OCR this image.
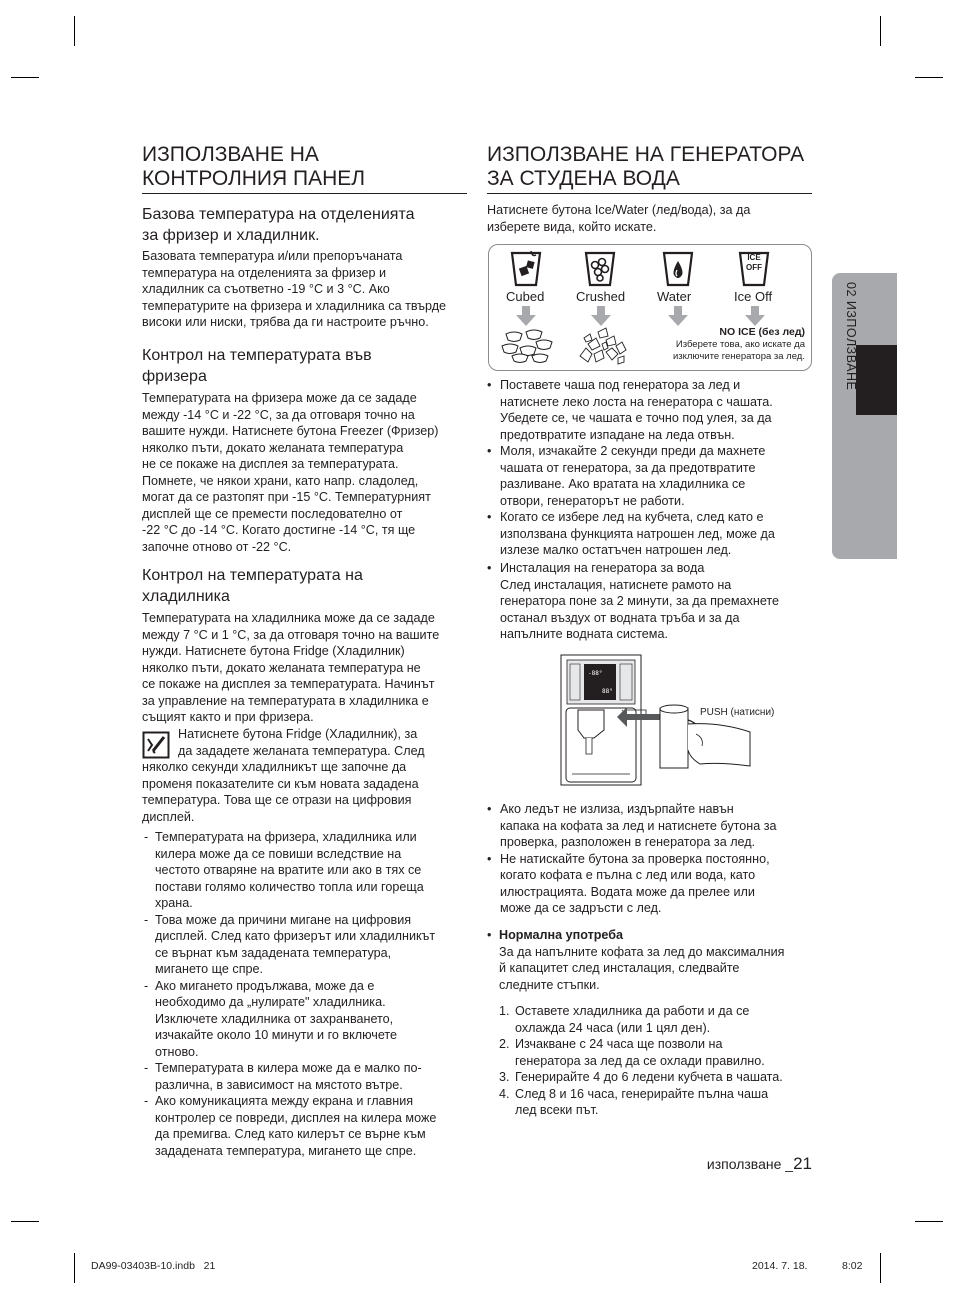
02 ИЗПОЛЗВАНЕ
ИЗПОЛЗВАНЕ НА
КОНТРОЛНИЯ ПАНЕЛ
Базова температура на отделенията
за фризер и хладилник.
Базовата температура и/или препоръчаната
температура на отделенията за фризер и
хладилник са съответно -19 °C и 3 °C. Ако
температурите на фризера и хладилника са твърде
високи или ниски, трябва да ги настроите ръчно.
Контрол на температурата във
фризера
Температурата на фризера може да се зададе
между -14 °C и -22 °C, за да отговаря точно на
вашите нужди. Натиснете бутона Freezer (Фризер)
няколко пъти, докато желаната температура
не се покаже на дисплея за температурата.
Помнете, че някои храни, като напр. сладолед,
могат да се разтопят при -15 °C. Температурният
дисплей ще се премести последователно от
-22 °C до -14 °C. Когато достигне -14 °C, тя ще
започне отново от -22 °C.
Контрол на температурата на
хладилника
Температурата на хладилника може да се зададе
между 7 °C и 1 °C, за да отговаря точно на вашите
нужди. Натиснете бутона Fridge (Хладилник)
няколко пъти, докато желаната температура не
се покаже на дисплея за температурата. Начинът
за управление на температурата в хладилника е
същият както и при фризера.
Натиснете бутона Fridge (Хладилник), за
да зададете желаната температура. След
няколко секунди хладилникът ще започне да
променя показателите си към новата зададена
температура. Това ще се отрази на цифровия
дисплей.
- Температурата на фризера, хладилника или
килера може да се повиши вследствие на
честото отваряне на вратите или ако в тях се
постави голямо количество топла или гореща
храна.
- Това може да причини мигане на цифровия
дисплей. След като фризерът или хладилникът
се върнат към зададената температура,
мигането ще спре.
- Ако мигането продължава, може да е
необходимо да „нулирате" хладилника.
Изключете хладилника от захранването,
изчакайте около 10 минути и го включете
отново.
- Температурата в килера може да е малко по-
различна, в зависимост на мястото вътре.
- Ако комуникацията между екрана и главния
контролер се повреди, дисплея на килера може
да премигва. След като килерът се върне към
зададената температура, мигането ще спре.
ИЗПОЛЗВАНЕ НА ГЕНЕРАТОРА
ЗА СТУДЕНА ВОДА
Натиснете бутона Ice/Water (лед/вода), за да
изберете вида, който искате.
Cubed Crushed Water
ICE
OFF
Ice Off
NO ICE (без лед)
Изберете това, ако искате да
изключите генератора за лед.
• Поставете чаша под генератора за лед и
натиснете леко лоста на генератора с чашата.
Убедете се, че чашата е точно под улея, за да
предотвратите изпадане на леда отвън.
• Моля, изчакайте 2 секунди преди да махнете
чашата от генератора, за да предотвратите
разливане. Ако вратата на хладилника се
отвори, генераторът не работи.
• Когато се избере лед на кубчета, след като е
използвана функцията натрошен лед, може да
излезе малко остатъчен натрошен лед.
• Инсталация на генератора за вода
След инсталация, натиснете рамото на
генератора поне за 2 минути, за да премахнете
останал въздух от водната тръба и за да
напълните водната система.
-88°
88°
PUSH (натисни)
• Ако ледът не излиза, издърпайте навън
капака на кофата за лед и натиснете бутона за
проверка, разположен в генератора за лед.
• Не натискайте бутона за проверка постоянно,
когато кофата е пълна с лед или вода, като
илюстрацията. Водата може да прелее или
може да се задръсти с лед.
• Нормална употреба
За да напълните кофата за лед до максималния
й капацитет след инсталация, следвайте
следните стъпки.
1. Оставете хладилника да работи и да се
охлажда 24 часа (или 1 цял ден).
2. Изчакване с 24 часа ще позволи на
генератора за лед да се охлади правилно.
3. Генерирайте 4 до 6 ледени кубчета в чашата.
4. След 8 и 16 часа, генерирайте пълна чаша
лед всеки път.
използване _21
DA99-03403B-10.indb   21	2014. 7. 18.	8:02
